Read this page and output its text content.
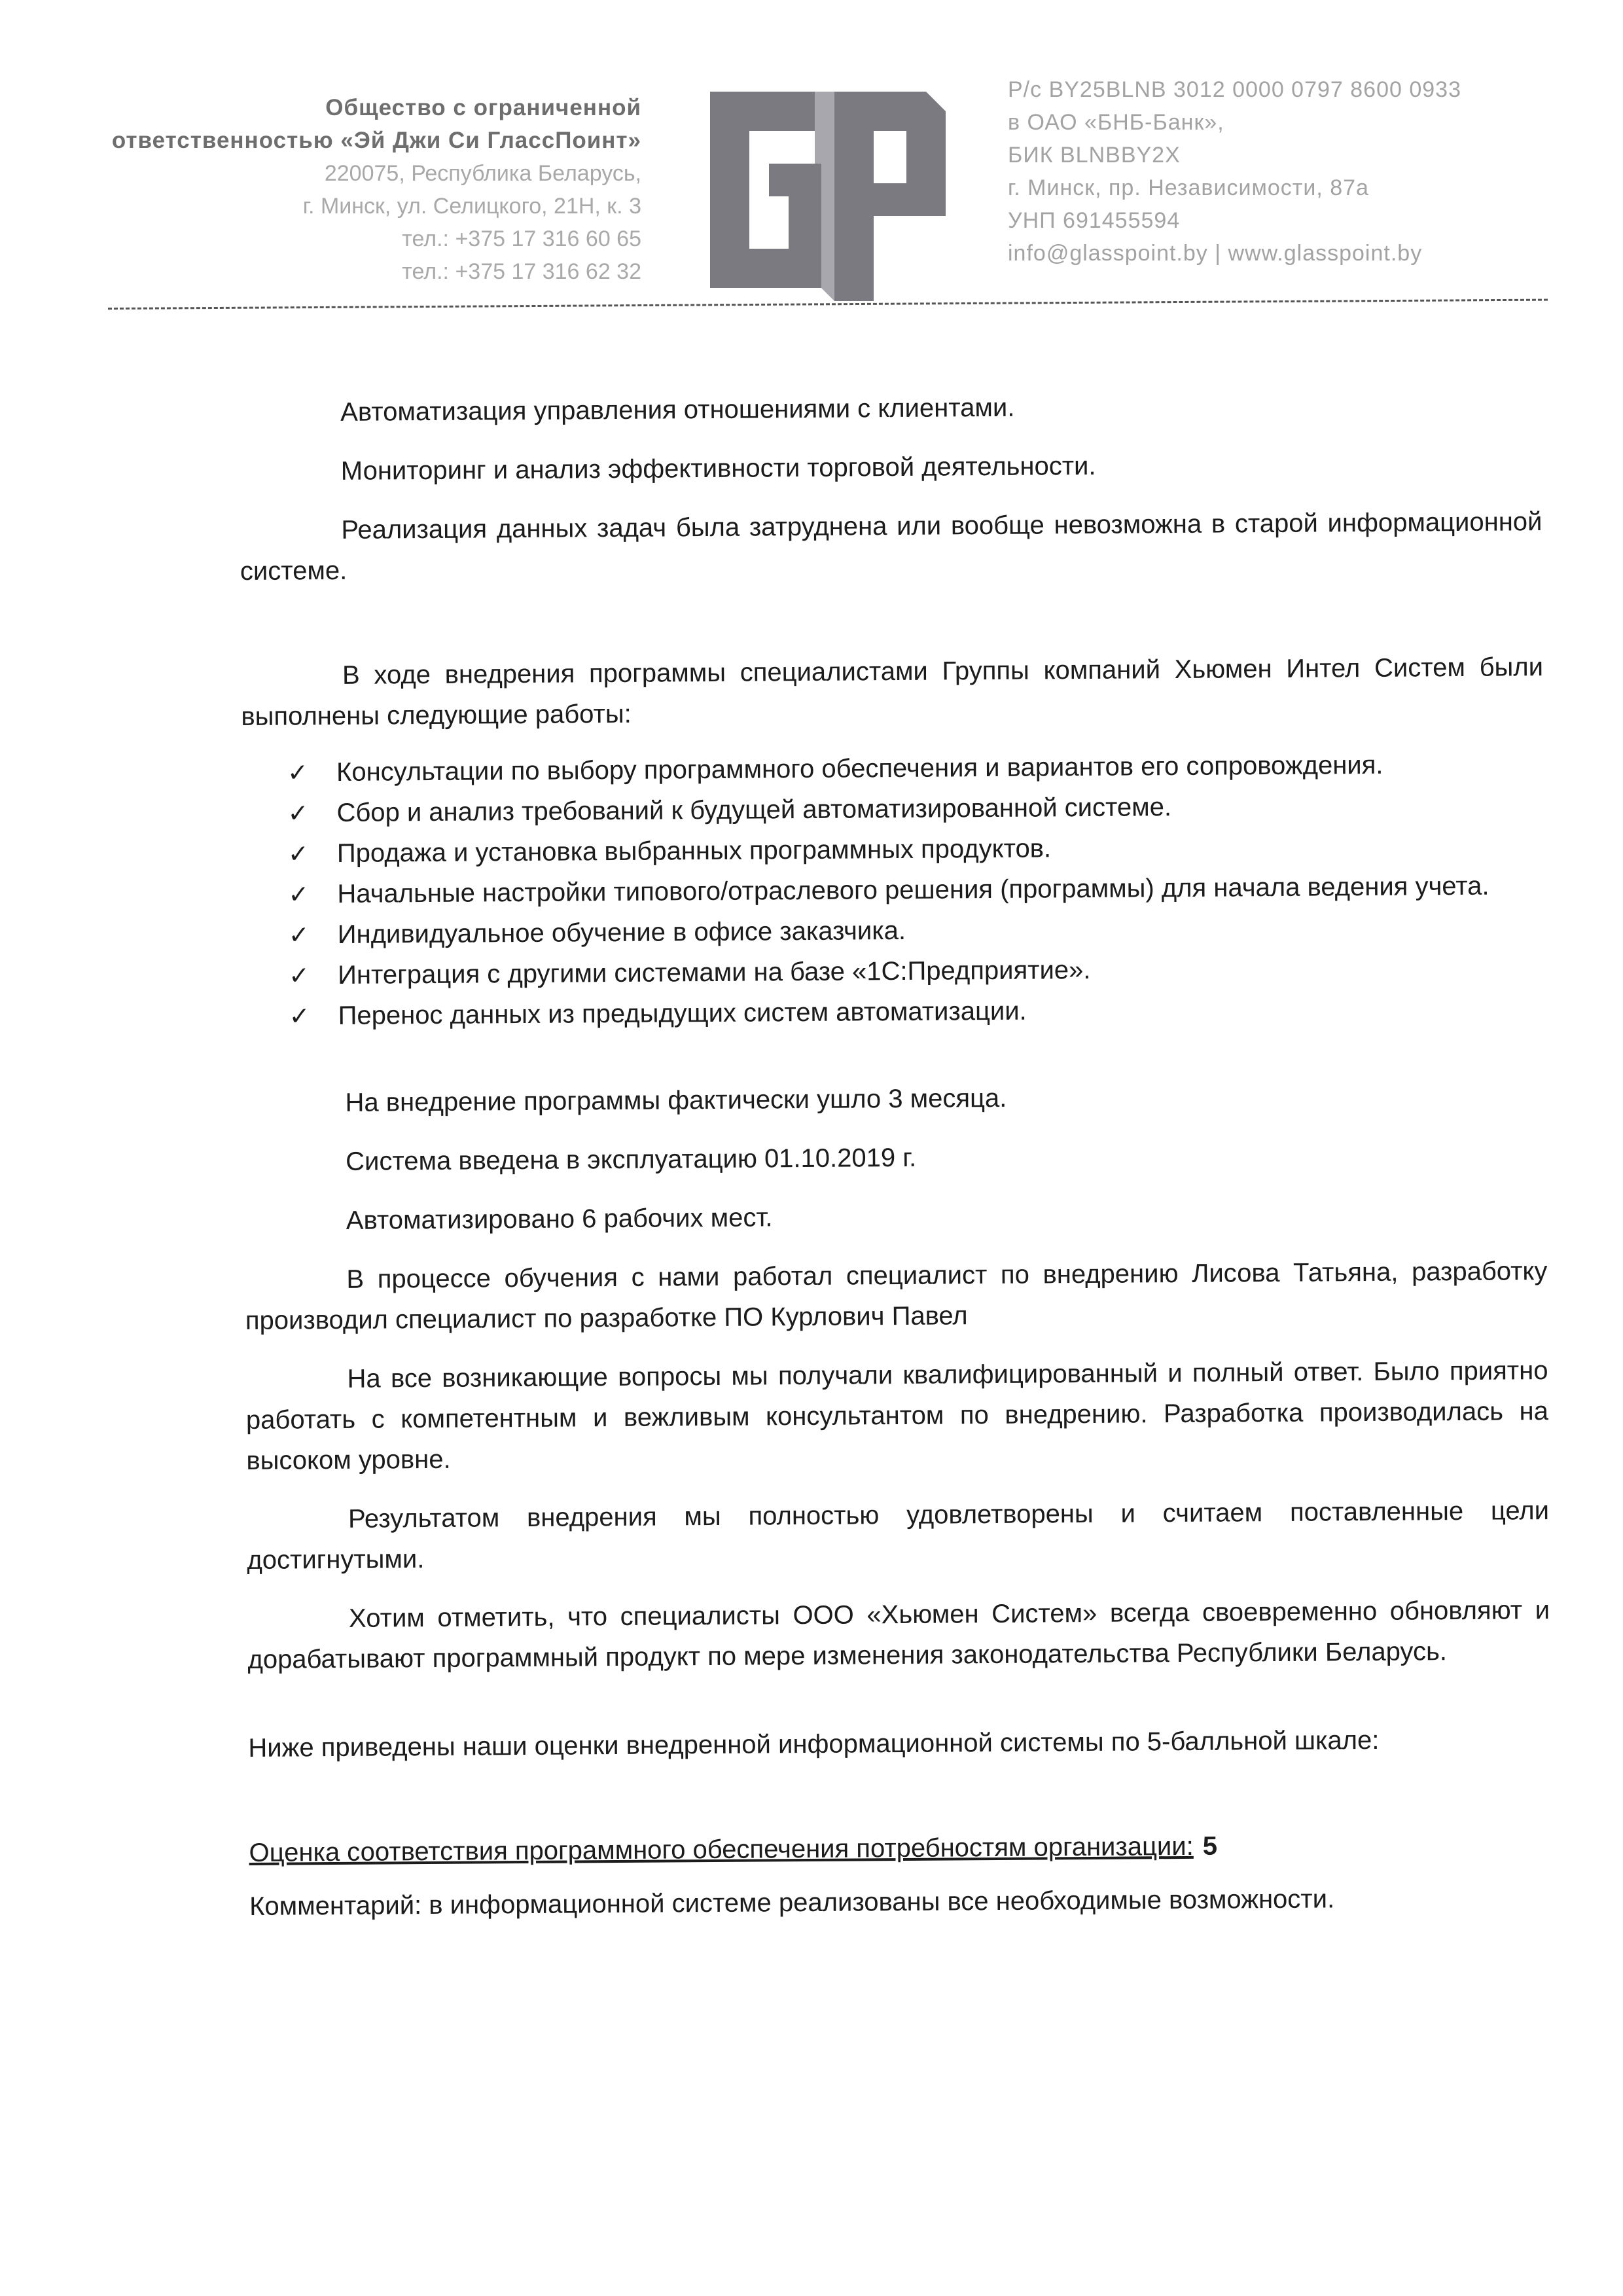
Общество с ограниченной
ответственностью «Эй Джи Си ГлассПоинт»
220075, Республика Беларусь,
г. Минск, ул. Селицкого, 21Н, к. 3
тел.: +375 17 316 60 65
тел.: +375 17 316 62 32
Р/с BY25BLNB 3012 0000 0797 8600 0933
в ОАО «БНБ-Банк»,
БИК BLNBBY2X
г. Минск, пр. Независимости, 87а
УНП 691455594
info@glasspoint.by | www.glasspoint.by

Автоматизация управления отношениями с клиентами.

Мониторинг и анализ эффективности торговой деятельности.

Реализация данных задач была затруднена или вообще невозможна в старой информационной системе.

В ходе внедрения программы специалистами Группы компаний Хьюмен Интел Систем были выполнены следующие работы:

✓ Консультации по выбору программного обеспечения и вариантов его сопровождения.
✓ Сбор и анализ требований к будущей автоматизированной системе.
✓ Продажа и установка выбранных программных продуктов.
✓ Начальные настройки типового/отраслевого решения (программы) для начала ведения учета.
✓ Индивидуальное обучение в офисе заказчика.
✓ Интеграция с другими системами на базе «1С:Предприятие».
✓ Перенос данных из предыдущих систем автоматизации.

На внедрение программы фактически ушло 3 месяца.

Система введена в эксплуатацию 01.10.2019 г.

Автоматизировано 6 рабочих мест.

В процессе обучения с нами работал специалист по внедрению Лисова Татьяна, разработку производил специалист по разработке ПО Курлович Павел

На все возникающие вопросы мы получали квалифицированный и полный ответ. Было приятно работать с компетентным и вежливым консультантом по внедрению. Разработка производилась на высоком уровне.

Результатом внедрения мы полностью удовлетворены и считаем поставленные цели достигнутыми.

Хотим отметить, что специалисты ООО «Хьюмен Систем» всегда своевременно обновляют и дорабатывают программный продукт по мере изменения законодательства Республики Беларусь.

Ниже приведены наши оценки внедренной информационной системы по 5-балльной шкале:

Оценка соответствия программного обеспечения потребностям организации: 5

Комментарий: в информационной системе реализованы все необходимые возможности.
